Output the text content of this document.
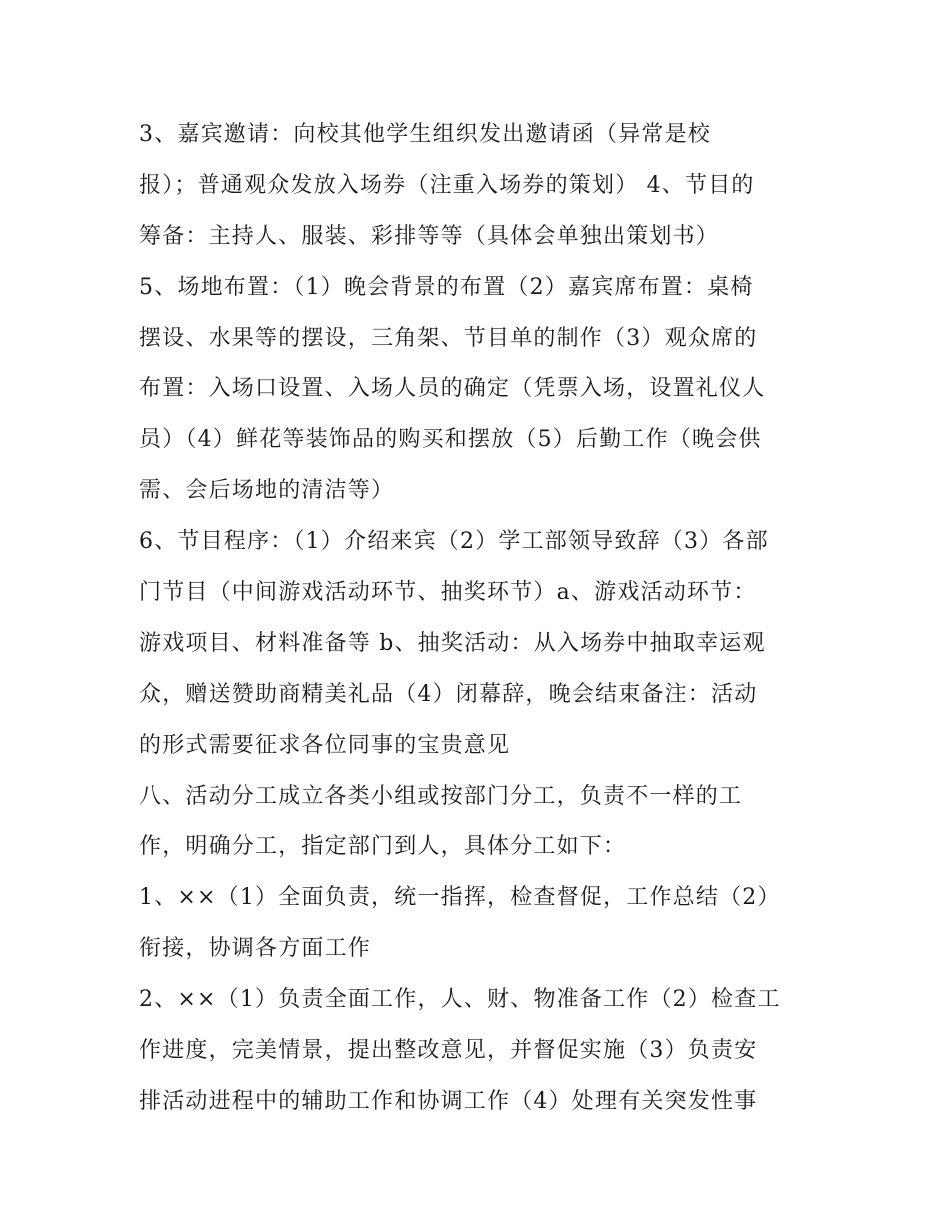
3、嘉宾邀请：向校其他学生组织发出邀请函（异常是校
报）；普通观众发放入场券（注重入场券的策划） 4、节目的
筹备：主持人、服装、彩排等等（具体会单独出策划书）
5、场地布置：（1）晚会背景的布置（2）嘉宾席布置：桌椅
摆设、水果等的摆设，三角架、节目单的制作（3）观众席的
布置：入场口设置、入场人员的确定（凭票入场，设置礼仪人
员）（4）鲜花等装饰品的购买和摆放（5）后勤工作（晚会供
需、会后场地的清洁等）
6、节目程序：（1）介绍来宾（2）学工部领导致辞（3）各部
门节目（中间游戏活动环节、抽奖环节）a、游戏活动环节：
游戏项目、材料准备等 b、抽奖活动：从入场券中抽取幸运观
众，赠送赞助商精美礼品（4）闭幕辞，晚会结束备注：活动
的形式需要征求各位同事的宝贵意见
八、活动分工成立各类小组或按部门分工，负责不一样的工
作，明确分工，指定部门到人，具体分工如下：
1、××（1）全面负责，统一指挥，检查督促，工作总结（2）
衔接，协调各方面工作
2、××（1）负责全面工作，人、财、物准备工作（2）检查工
作进度，完美情景，提出整改意见，并督促实施（3）负责安
排活动进程中的辅助工作和协调工作（4）处理有关突发性事
